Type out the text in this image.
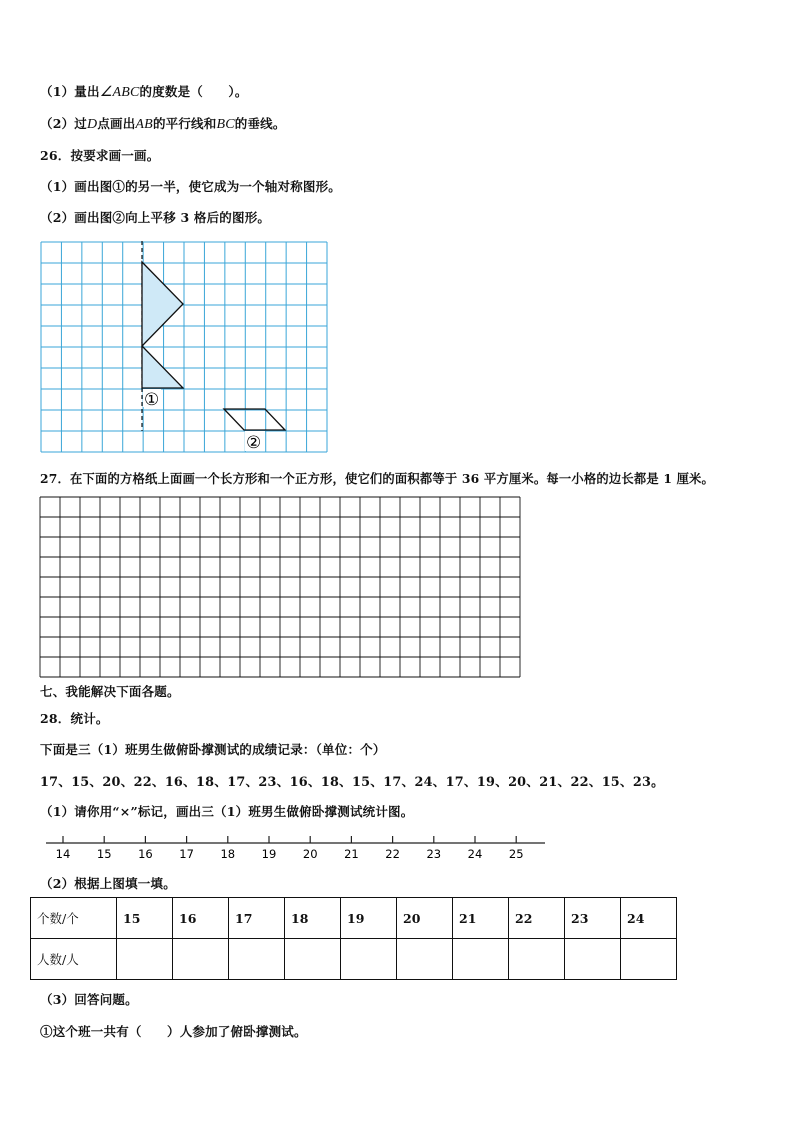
（1）量出∠ABC的度数是（　　）。
（2）过D点画出AB的平行线和BC的垂线。
26．按要求画一画。
（1）画出图①的另一半，使它成为一个轴对称图形。
（2）画出图②向上平移 3 格后的图形。
①
②
27．在下面的方格纸上面画一个长方形和一个正方形，使它们的面积都等于 36 平方厘米。每一小格的边长都是 1 厘米。
七、我能解决下面各题。
28．统计。
下面是三（1）班男生做俯卧撑测试的成绩记录：（单位：个）
17、15、20、22、16、18、17、23、16、18、15、17、24、17、19、20、21、22、15、23。
（1）请你用“×”标记，画出三（1）班男生做俯卧撑测试统计图。
14 15 16 17 18 19 20 21 22 23 24 25
（2）根据上图填一填。
个数/个	15	16	17	18	19	20	21	22	23	24
人数/人										
（3）回答问题。
①这个班一共有（　　）人参加了俯卧撑测试。
